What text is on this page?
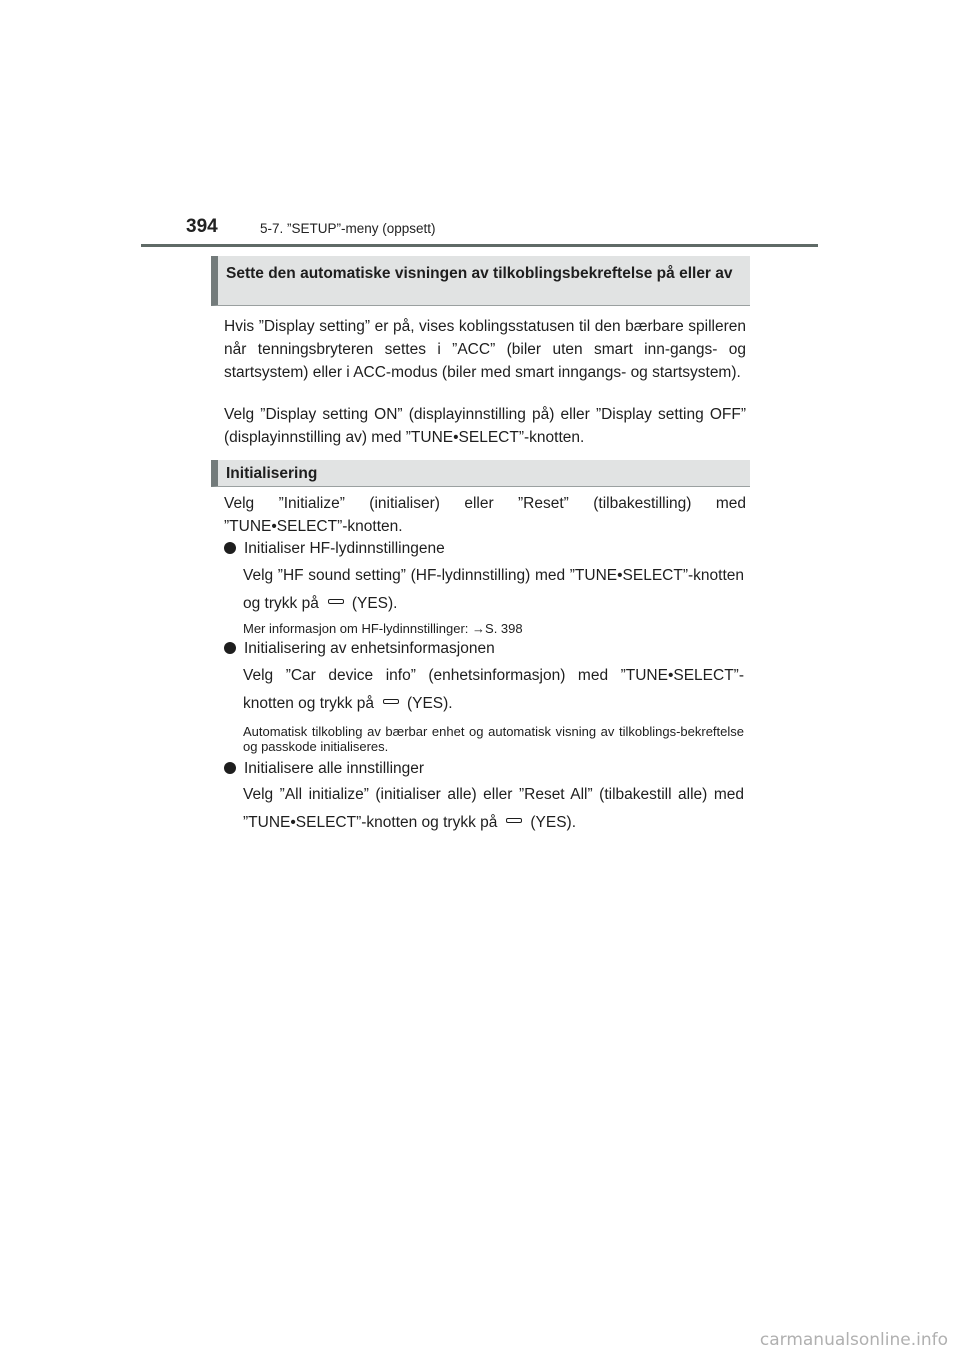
394	5-7. ”SETUP”-meny (oppsett)
Sette den automatiske visningen av tilkoblingsbekreftelse på eller av

Hvis ”Display setting” er på, vises koblingsstatusen til den bærbare spilleren når tenningsbryteren settes i ”ACC” (biler uten smart inn-gangs- og startsystem) eller i ACC-modus (biler med smart inngangs- og startsystem).

Velg ”Display setting ON” (displayinnstilling på) eller ”Display setting OFF” (displayinnstilling av) med ”TUNE•SELECT”-knotten.

Initialisering

Velg ”Initialize” (initialiser) eller ”Reset” (tilbakestilling) med ”TUNE•SELECT”-knotten.

Initialiser HF-lydinnstillingene

Velg ”HF sound setting” (HF-lydinnstilling) med ”TUNE•SELECT”-knotten og trykk på (YES).

Mer informasjon om HF-lydinnstillinger: →S. 398

Initialisering av enhetsinformasjonen

Velg ”Car device info” (enhetsinformasjon) med ”TUNE•SELECT”-knotten og trykk på (YES).

Automatisk tilkobling av bærbar enhet og automatisk visning av tilkoblings-bekreftelse og passkode initialiseres.

Initialisere alle innstillinger

Velg ”All initialize” (initialiser alle) eller ”Reset All” (tilbakestill alle) med ”TUNE•SELECT”-knotten og trykk på (YES).

carmanualsonline.info
